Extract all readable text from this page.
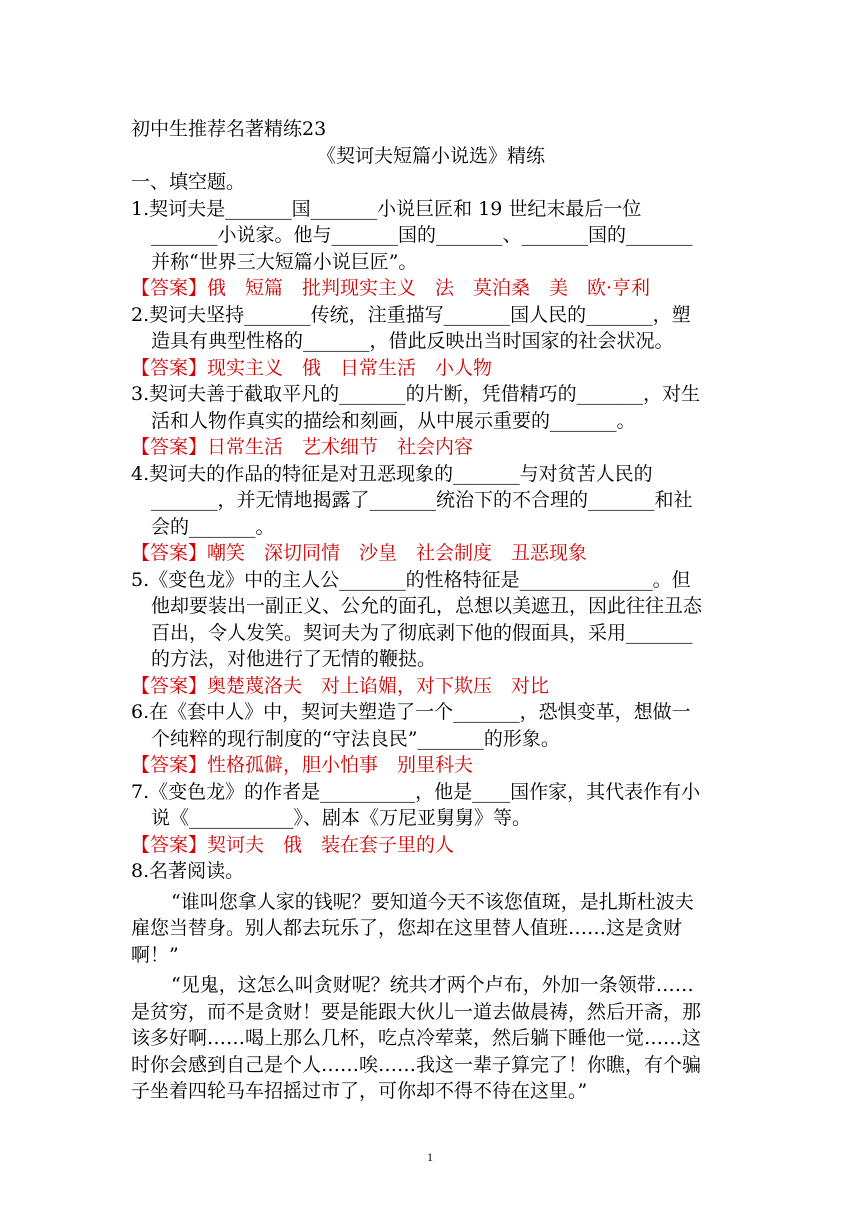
初中生推荐名著精练23
《契诃夫短篇小说选》精练
一、填空题。
1.契诃夫是_______国_______小说巨匠和 19 世纪末最后一位
_______小说家。他与_______国的_______、_______国的_______
并称“世界三大短篇小说巨匠”。
【答案】俄　短篇　批判现实主义　法　莫泊桑　美　欧·亨利
2.契诃夫坚持_______传统，注重描写_______国人民的_______，塑
造具有典型性格的_______，借此反映出当时国家的社会状况。
【答案】现实主义　俄　日常生活　小人物
3.契诃夫善于截取平凡的_______的片断，凭借精巧的_______，对生
活和人物作真实的描绘和刻画，从中展示重要的_______。
【答案】日常生活　艺术细节　社会内容
4.契诃夫的作品的特征是对丑恶现象的_______与对贫苦人民的
_______，并无情地揭露了_______统治下的不合理的_______和社
会的_______。
【答案】嘲笑　深切同情　沙皇　社会制度　丑恶现象
5.《变色龙》中的主人公_______的性格特征是______________。但
他却要装出一副正义、公允的面孔，总想以美遮丑，因此往往丑态
百出，令人发笑。契诃夫为了彻底剥下他的假面具，采用_______
的方法，对他进行了无情的鞭挞。
【答案】奥楚蔑洛夫　对上谄媚，对下欺压　对比
6.在《套中人》中，契诃夫塑造了一个_______，恐惧变革，想做一
个纯粹的现行制度的“守法良民”_______的形象。
【答案】性格孤僻，胆小怕事　别里科夫
7.《变色龙》的作者是__________，他是____国作家，其代表作有小
说《___________》、剧本《万尼亚舅舅》等。
【答案】契诃夫　俄　装在套子里的人
8.名著阅读。
“谁叫您拿人家的钱呢？要知道今天不该您值斑，是扎斯杜波夫
雇您当替身。别人都去玩乐了，您却在这里替人值班……这是贪财
啊！”
“见鬼，这怎么叫贪财呢？统共才两个卢布，外加一条领带……
是贫穷，而不是贪财！要是能跟大伙儿一道去做晨祷，然后开斋，那
该多好啊……喝上那么几杯，吃点冷荤菜，然后躺下睡他一觉……这
时你会感到自己是个人……唉……我这一辈子算完了！你瞧，有个骗
子坐着四轮马车招摇过市了，可你却不得不待在这里。”
1
